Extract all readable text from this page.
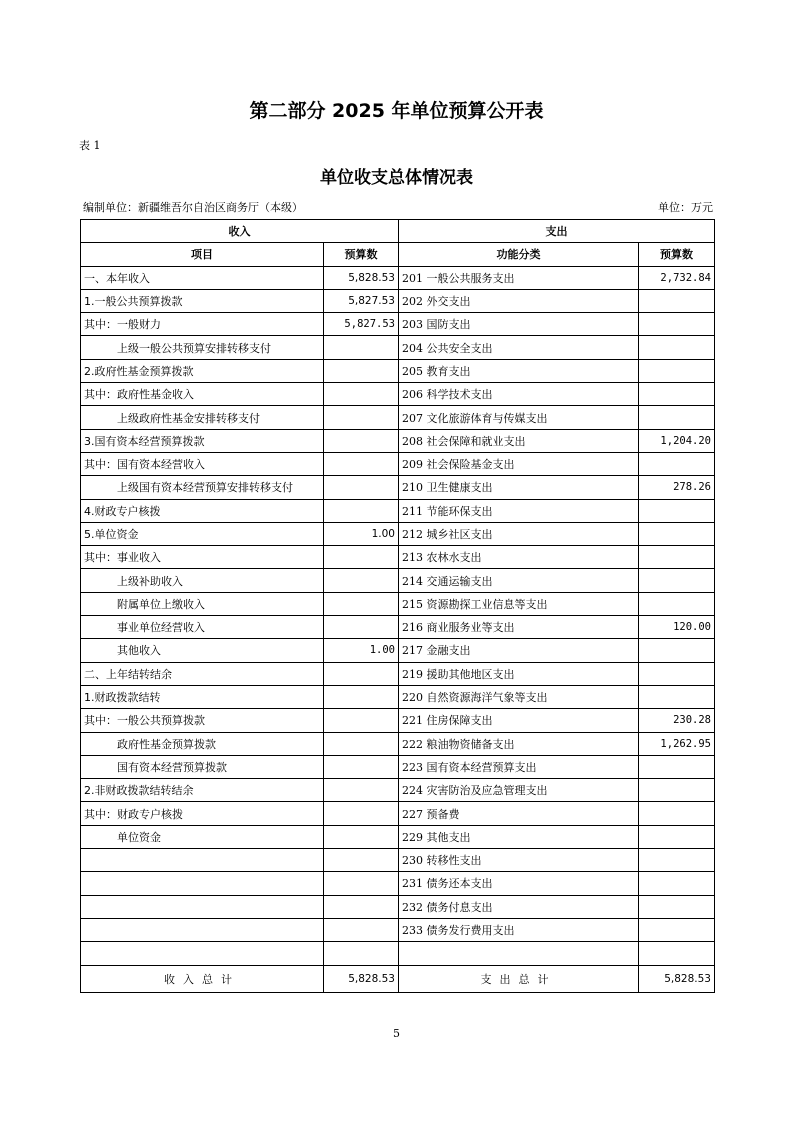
第二部分 2025 年单位预算公开表
表 1
单位收支总体情况表
编制单位：新疆维吾尔自治区商务厅（本级）	单位：万元
收入		支出	
项目	预算数	功能分类	预算数
一、本年收入	5,828.53	201 一般公共服务支出	2,732.84
1.一般公共预算拨款	5,827.53	202 外交支出	
其中：一般财力	5,827.53	203 国防支出	
上级一般公共预算安排转移支付		204 公共安全支出	
2.政府性基金预算拨款		205 教育支出	
其中：政府性基金收入		206 科学技术支出	
上级政府性基金安排转移支付		207 文化旅游体育与传媒支出	
3.国有资本经营预算拨款		208 社会保障和就业支出	1,204.20
其中：国有资本经营收入		209 社会保险基金支出	
上级国有资本经营预算安排转移支付		210 卫生健康支出	278.26
4.财政专户核拨		211 节能环保支出	
5.单位资金	1.00	212 城乡社区支出	
其中：事业收入		213 农林水支出	
上级补助收入		214 交通运输支出	
附属单位上缴收入		215 资源勘探工业信息等支出	
事业单位经营收入		216 商业服务业等支出	120.00
其他收入	1.00	217 金融支出	
二、上年结转结余		219 援助其他地区支出	
1.财政拨款结转		220 自然资源海洋气象等支出	
其中：一般公共预算拨款		221 住房保障支出	230.28
政府性基金预算拨款		222 粮油物资储备支出	1,262.95
国有资本经营预算拨款		223 国有资本经营预算支出	
2.非财政拨款结转结余		224 灾害防治及应急管理支出	
其中：财政专户核拨		227 预备费	
单位资金		229 其他支出	
		230 转移性支出	
		231 债务还本支出	
		232 债务付息支出	
		233 债务发行费用支出	

收入总计	5,828.53	支出总计	5,828.53
5
